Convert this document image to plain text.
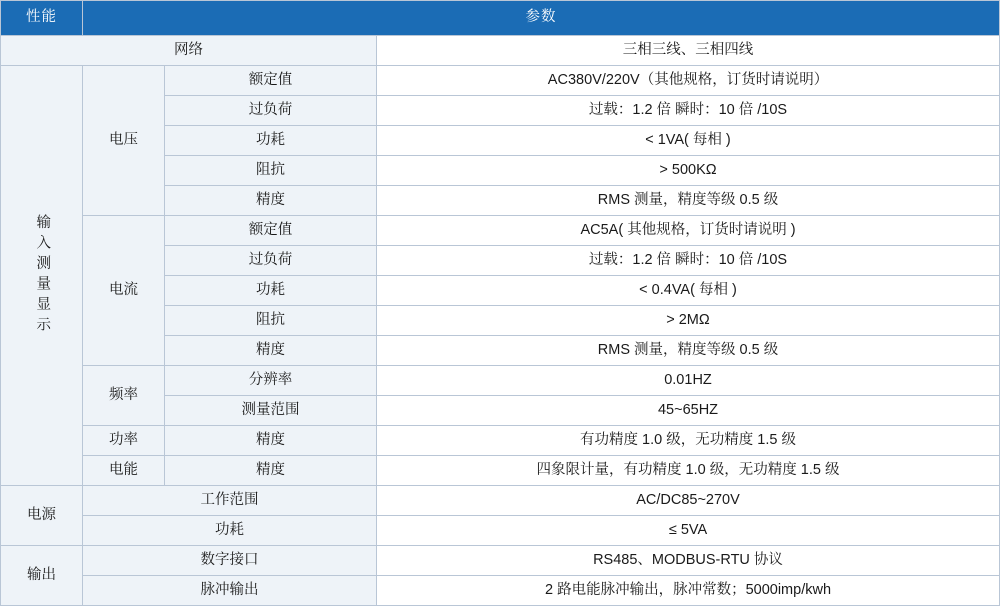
性能	参数		
网络			三相三线、三相四线
输入测量显示	电压	额定值	AC380V/220V（其他规格，订货时请说明）
		过负荷	过载：1.2 倍 瞬时：10 倍 /10S
		功耗	< 1VA( 每相 )
		阻抗	> 500KΩ
		精度	RMS 测量，精度等级 0.5 级
	电流	额定值	AC5A( 其他规格，订货时请说明 )
		过负荷	过载：1.2 倍 瞬时：10 倍 /10S
		功耗	< 0.4VA( 每相 )
		阻抗	> 2MΩ
		精度	RMS 测量，精度等级 0.5 级
	频率	分辨率	0.01HZ
		测量范围	45~65HZ
	功率	精度	有功精度 1.0 级，无功精度 1.5 级
	电能	精度	四象限计量，有功精度 1.0 级，无功精度 1.5 级
电源	工作范围		AC/DC85~270V
	功耗		≤ 5VA
输出	数字接口		RS485、MODBUS-RTU 协议
	脉冲输出		2 路电能脉冲输出，脉冲常数；5000imp/kwh
